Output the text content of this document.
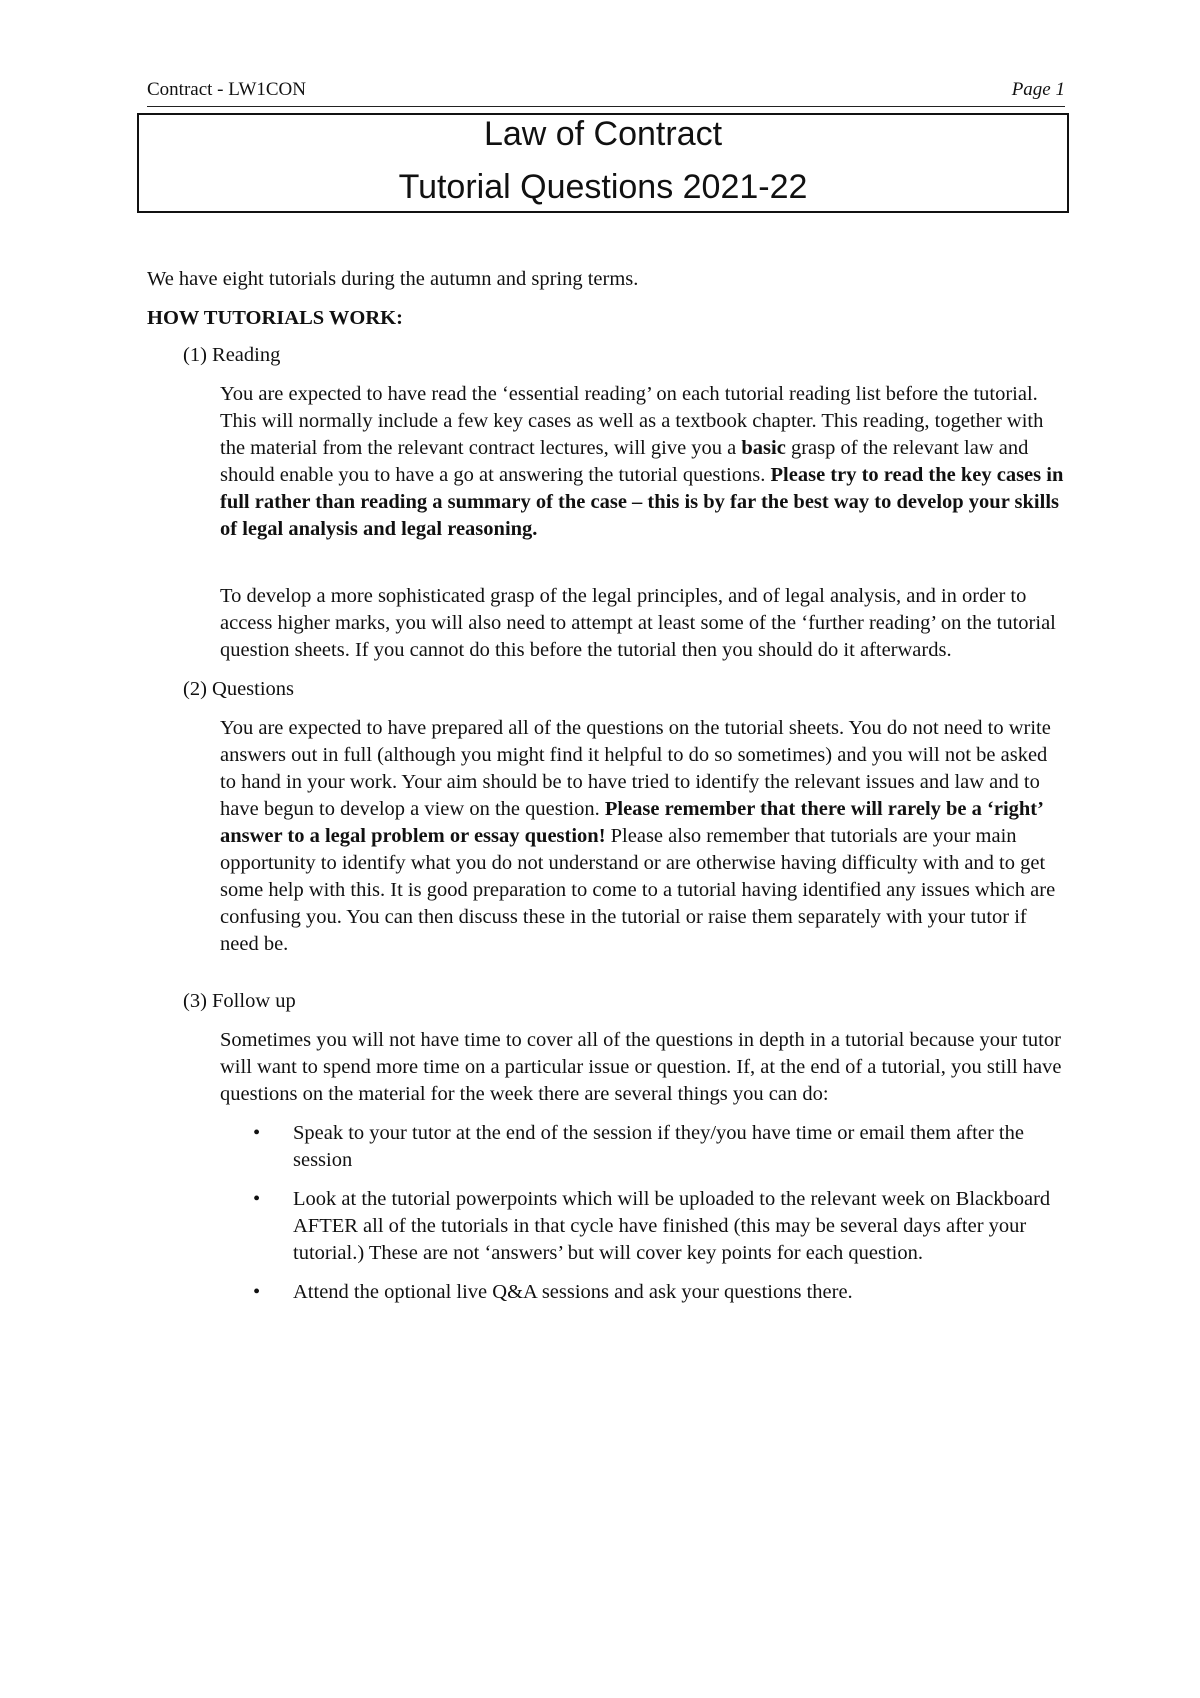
Contract - LW1CON	Page 1
Law of Contract
Tutorial Questions 2021-22

We have eight tutorials during the autumn and spring terms.

HOW TUTORIALS WORK:

(1) Reading

You are expected to have read the ‘essential reading’ on each tutorial reading list before the tutorial. This will normally include a few key cases as well as a textbook chapter. This reading, together with the material from the relevant contract lectures, will give you a basic grasp of the relevant law and should enable you to have a go at answering the tutorial questions. Please try to read the key cases in full rather than reading a summary of the case – this is by far the best way to develop your skills of legal analysis and legal reasoning.

To develop a more sophisticated grasp of the legal principles, and of legal analysis, and in order to access higher marks, you will also need to attempt at least some of the ‘further reading’ on the tutorial question sheets. If you cannot do this before the tutorial then you should do it afterwards.

(2) Questions

You are expected to have prepared all of the questions on the tutorial sheets. You do not need to write answers out in full (although you might find it helpful to do so sometimes) and you will not be asked to hand in your work. Your aim should be to have tried to identify the relevant issues and law and to have begun to develop a view on the question. Please remember that there will rarely be a ‘right’ answer to a legal problem or essay question! Please also remember that tutorials are your main opportunity to identify what you do not understand or are otherwise having difficulty with and to get some help with this. It is good preparation to come to a tutorial having identified any issues which are confusing you. You can then discuss these in the tutorial or raise them separately with your tutor if need be.

(3) Follow up

Sometimes you will not have time to cover all of the questions in depth in a tutorial because your tutor will want to spend more time on a particular issue or question. If, at the end of a tutorial, you still have questions on the material for the week there are several things you can do:

• Speak to your tutor at the end of the session if they/you have time or email them after the session
• Look at the tutorial powerpoints which will be uploaded to the relevant week on Blackboard AFTER all of the tutorials in that cycle have finished (this may be several days after your tutorial.) These are not ‘answers’ but will cover key points for each question.
• Attend the optional live Q&A sessions and ask your questions there.
